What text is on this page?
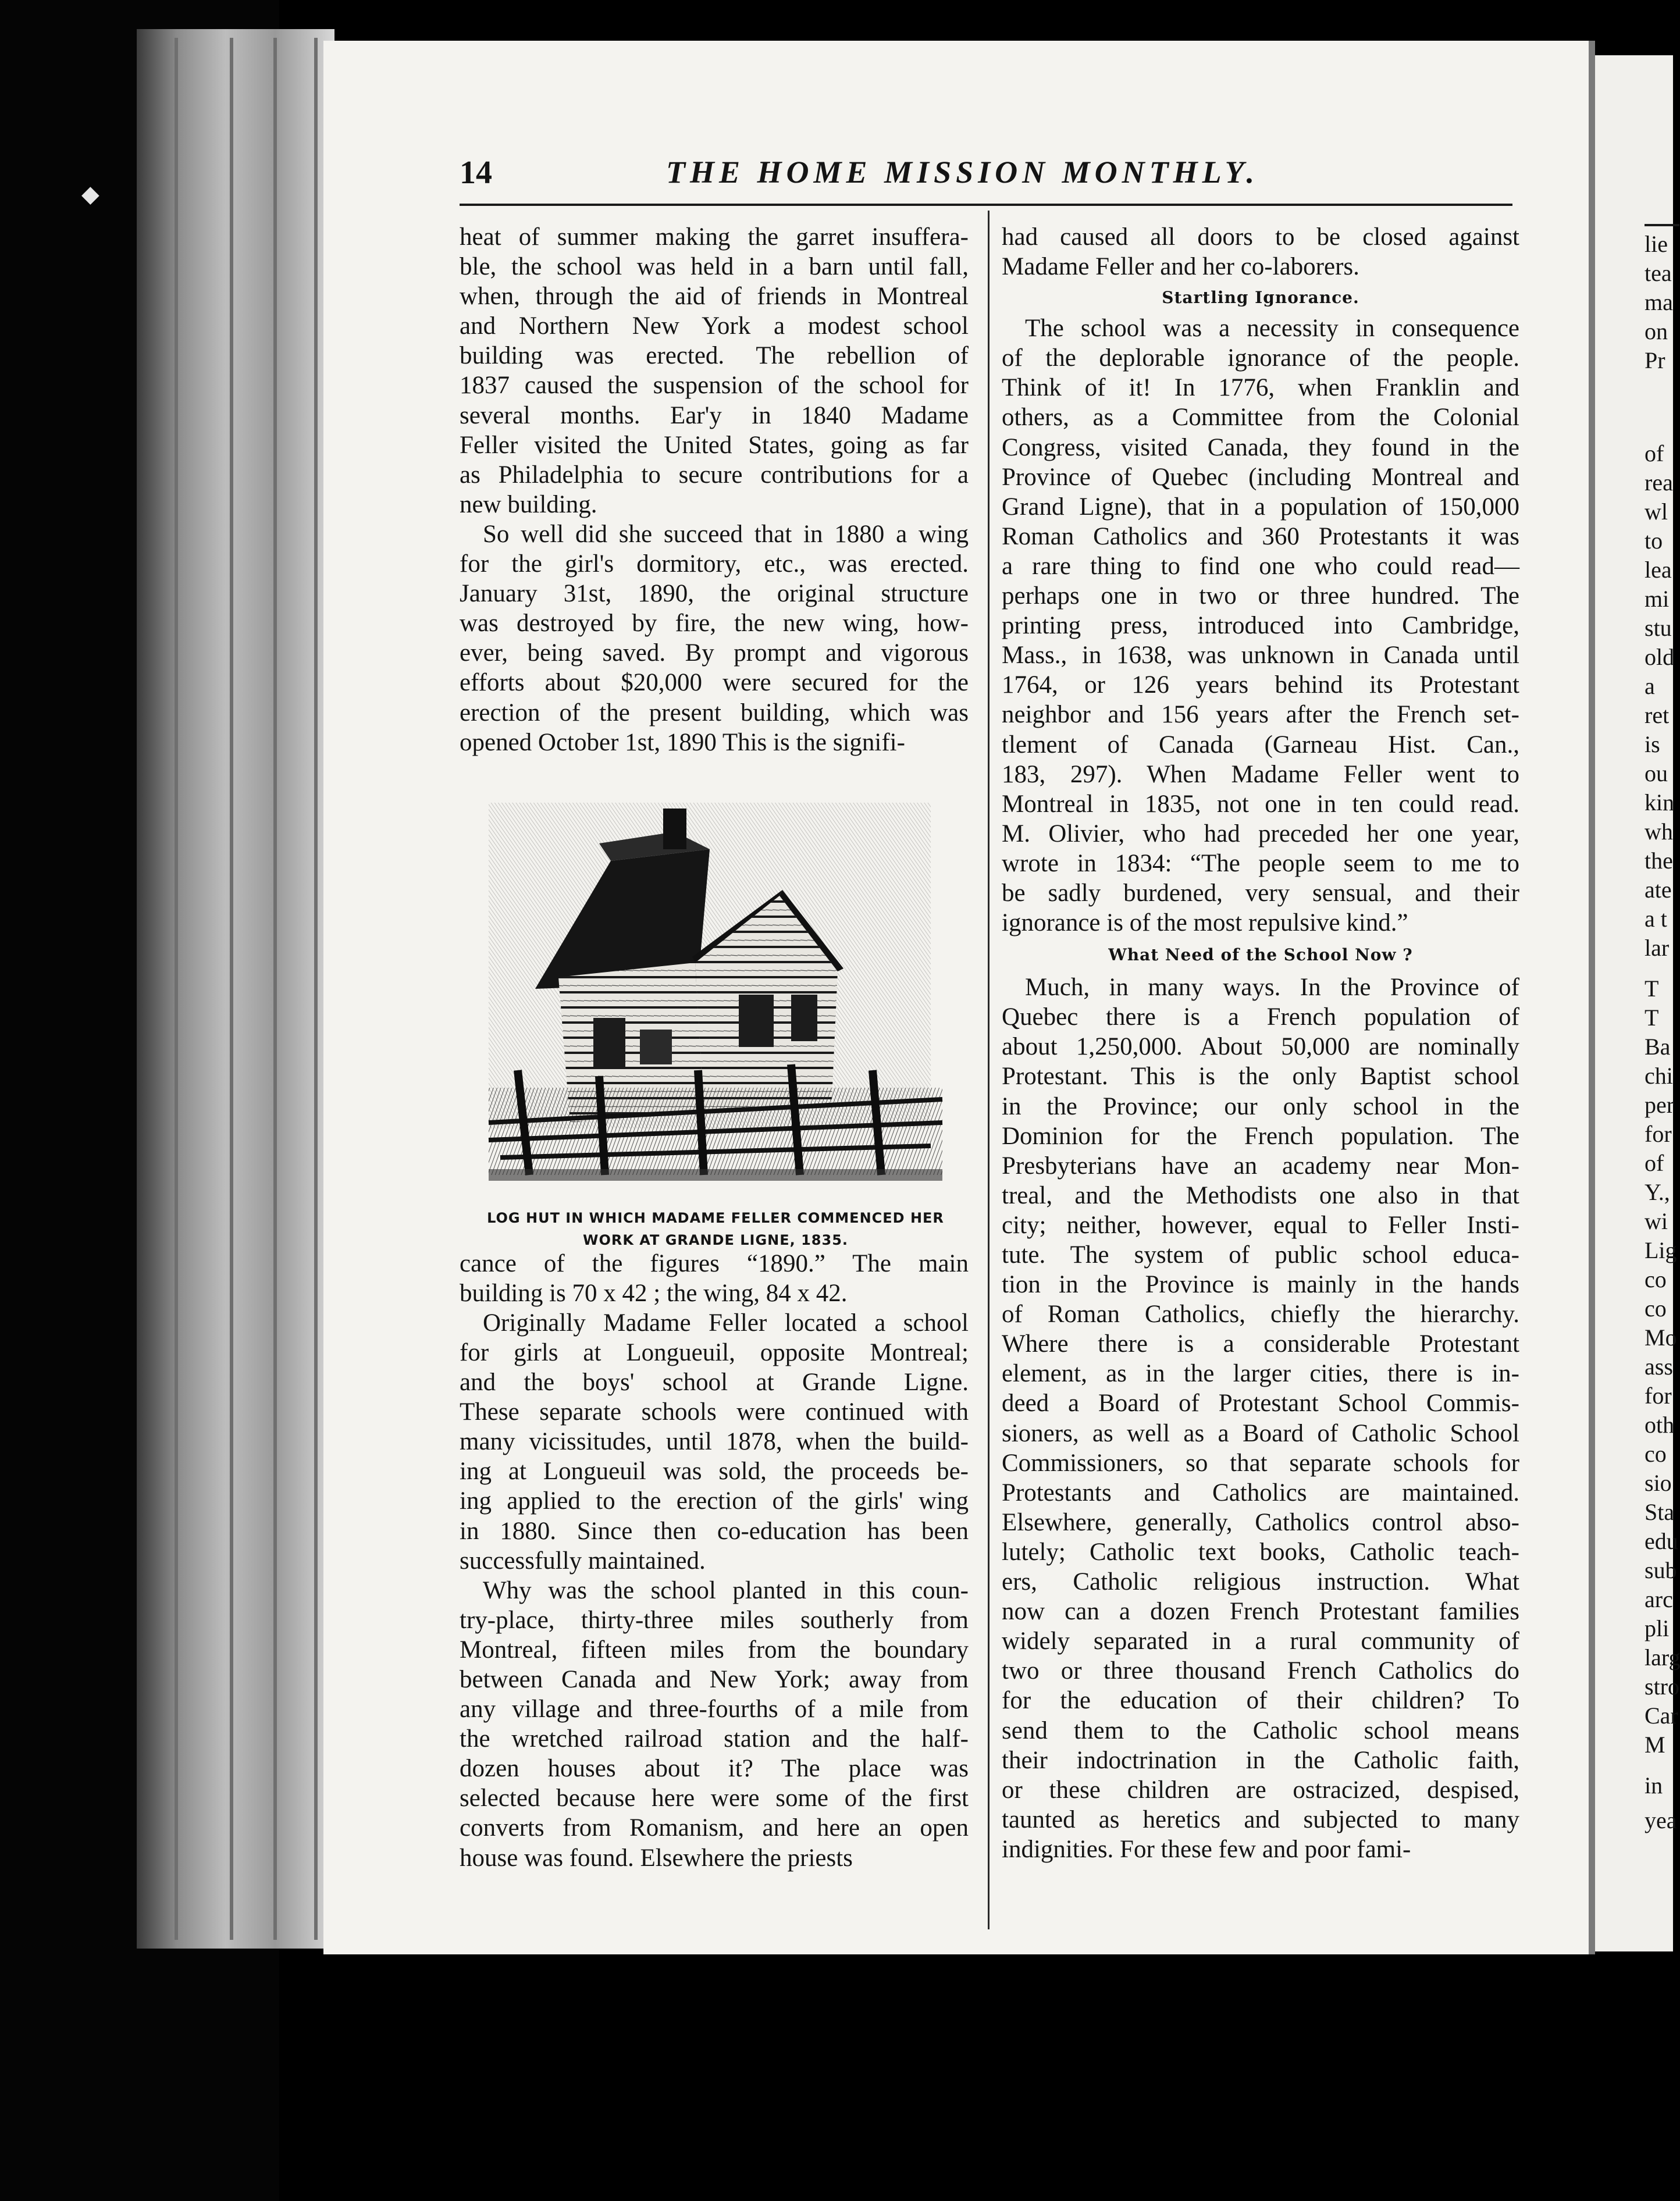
◆
lie
tea
ma
on
Pr
of
rea
wl
to
lea
mi
stu
old
a
ret
is
ou
kin
wh
the
ate
a t
lar
T
T
Ba
chi
per
for
of
Y.,
wi
Lig
co
co
Mo
ass
for
oth
co
sio
Sta
edu
sub
arc
pli
larg
stro
Car
M
in
yea
14	THE HOME MISSION MONTHLY.
heat of summer making the garret insufferа-
ble, the school was held in a barn until fall,
when, through the aid of friends in Montreal
and Northern New York a modest school
building was erected. The rebellion of
1837 caused the suspension of the school for
several months. Ear'y in 1840 Madame
Feller visited the United States, going as far
as Philadelphia to secure contributions for a
new building.
So well did she succeed that in 1880 a wing
for the girl's dormitory, etc., was erected.
January 31st, 1890, the original structure
was destroyed by fire, the new wing, how-
ever, being saved. By prompt and vigorous
efforts about $20,000 were secured for the
erection of the present building, which was
opened October 1st, 1890 This is the signifi-
cance of the figures “1890.” The main
building is 70 x 42 ; the wing, 84 x 42.
Originally Madame Feller located a school
for girls at Longueuil, opposite Montreal;
and the boys' school at Grande Ligne.
These separate schools were continued with
many vicissitudes, until 1878, when the build-
ing at Longueuil was sold, the proceeds be-
ing applied to the erection of the girls' wing
in 1880. Since then co-education has been
successfully maintained.
Why was the school planted in this coun-
try-place, thirty-three miles southerly from
Montreal, fifteen miles from the boundary
between Canada and New York; away from
any village and three-fourths of a mile from
the wretched railroad station and the half-
dozen houses about it? The place was
selected because here were some of the first
converts from Romanism, and here an open
house was found. Elsewhere the priests
LOG HUT IN WHICH MADAME FELLER COMMENCED HER
WORK AT GRANDE LIGNE, 1835.
had caused all doors to be closed against
Madame Feller and her co-laborers.
Startling Ignorance.
The school was a necessity in consequence
of the deplorable ignorance of the people.
Think of it! In 1776, when Franklin and
others, as a Committee from the Colonial
Congress, visited Canada, they found in the
Province of Quebec (including Montreal and
Grand Ligne), that in a population of 150,000
Roman Catholics and 360 Protestants it was
a rare thing to find one who could read—
perhaps one in two or three hundred. The
printing press, introduced into Cambridge,
Mass., in 1638, was unknown in Canada until
1764, or 126 years behind its Protestant
neighbor and 156 years after the French set-
tlement of Canada (Garneau Hist. Can.,
183, 297). When Madame Feller went to
Montreal in 1835, not one in ten could read.
M. Olivier, who had preceded her one year,
wrote in 1834: “The people seem to me to
be sadly burdened, very sensual, and their
ignorance is of the most repulsive kind.”
What Need of the School Now ?
Much, in many ways. In the Province of
Quebec there is a French population of
about 1,250,000. About 50,000 are nominally
Protestant. This is the only Baptist school
in the Province; our only school in the
Dominion for the French population. The
Presbyterians have an academy near Mon-
treal, and the Methodists one also in that
city; neither, however, equal to Feller Insti-
tute. The system of public school educa-
tion in the Province is mainly in the hands
of Roman Catholics, chiefly the hierarchy.
Where there is a considerable Protestant
element, as in the larger cities, there is in-
deed a Board of Protestant School Commis-
sioners, as well as a Board of Catholic School
Commissioners, so that separate schools for
Protestants and Catholics are maintained.
Elsewhere, generally, Catholics control abso-
lutely; Catholic text books, Catholic teach-
ers, Catholic religious instruction. What
now can a dozen French Protestant families
widely separated in a rural community of
two or three thousand French Catholics do
for the education of their children? To
send them to the Catholic school means
their indoctrination in the Catholic faith,
or these children are ostracized, despised,
taunted as heretics and subjected to many
indignities. For these few and poor fami-
